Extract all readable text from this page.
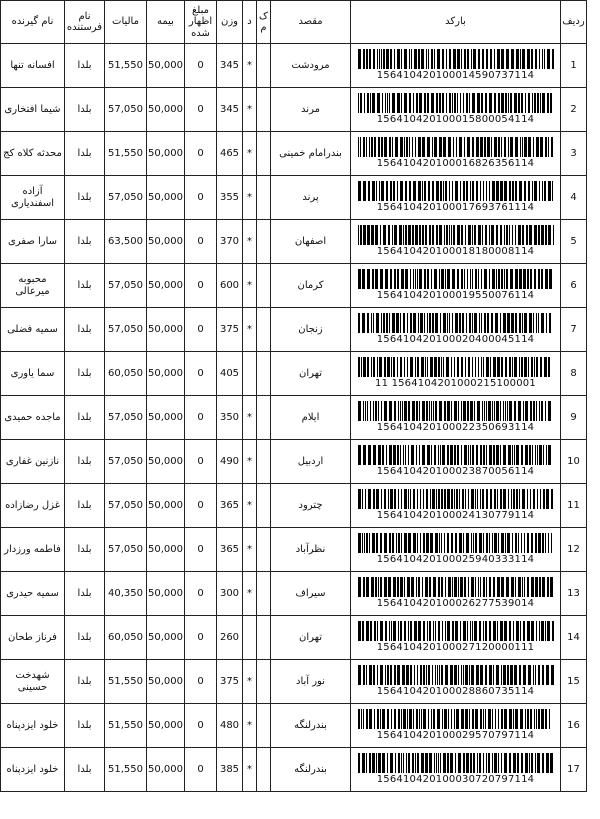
ردیف	بارکد	مقصد	ک م	د	وزن	مبلغ اظهار شده	بیمه	مالیات	نام فرستنده	نام گیرنده
1	156410420100014590737114	مرودشت		*	345	0	50,000	51,550	بلدا	افسانه تنها
2	156410420100015800054114	مرند		*	345	0	50,000	57,050	بلدا	شیما افتخاری
3	156410420100016826356114	بندرامام خمینی		*	465	0	50,000	51,550	بلدا	محدثه کلاه کج
4	156410420100017693761114	پرند		*	355	0	50,000	57,050	بلدا	آزاده اسفندیاری
5	156410420100018180008114	اصفهان		*	370	0	50,000	63,500	بلدا	سارا صفری
6	156410420100019550076114	کرمان		*	600	0	50,000	57,050	بلدا	محبوبه میرعالی
7	156410420100020400045114	زنجان		*	375	0	50,000	57,050	بلدا	سمیه فضلی
8	1564104201000215100001 11	تهران			405	0	50,000	60,050	بلدا	سما یاوری
9	156410420100022350693114	ایلام		*	350	0	50,000	57,050	بلدا	ماجده حمیدی
10	156410420100023870056114	اردبیل		*	490	0	50,000	57,050	بلدا	نازنین غفاری
11	156410420100024130779114	چترود		*	365	0	50,000	57,050	بلدا	غزل رضازاده
12	156410420100025940333114	نظرآباد		*	365	0	50,000	57,050	بلدا	فاطمه ورزدار
13	156410420100026277539014	سیراف		*	300	0	50,000	40,350	بلدا	سمیه حیدری
14	156410420100027120000111	تهران			260	0	50,000	60,050	بلدا	فرناز طحان
15	156410420100028860735114	نور آباد		*	375	0	50,000	51,550	بلدا	شهدخت حسینی
16	156410420100029570797114	بندرلنگه		*	480	0	50,000	51,550	بلدا	خلود ایزدپناه
17	156410420100030720797114	بندرلنگه		*	385	0	50,000	51,550	بلدا	خلود ایزدپناه
